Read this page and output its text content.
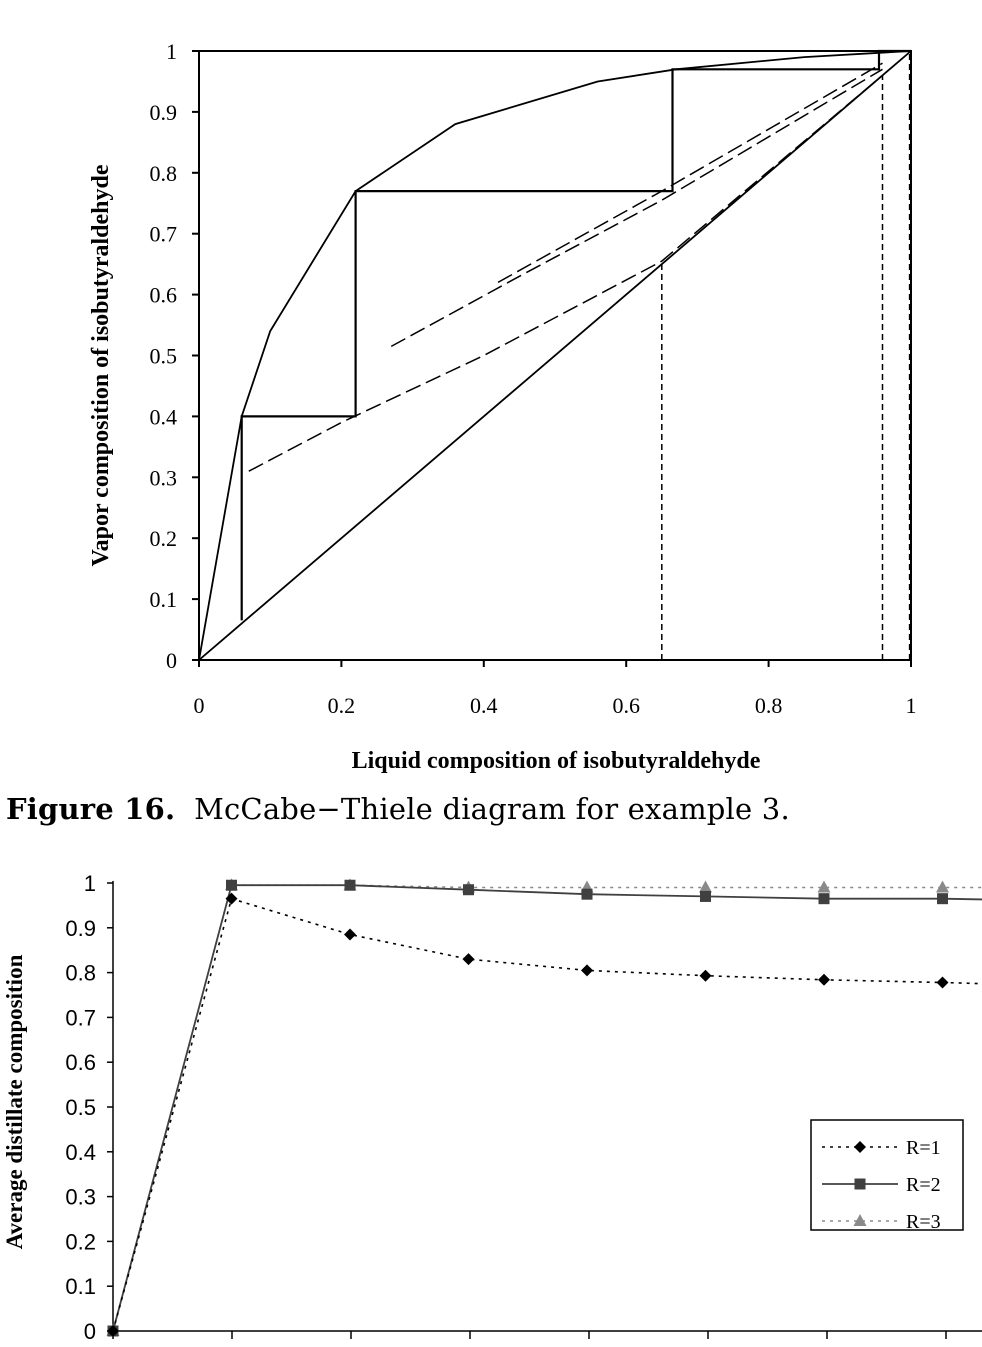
0
0.1
0.2
0.3
0.4
0.5
0.6
0.7
0.8
0.9
1
0	0.2	0.4	0.6	0.8	1
Liquid composition of isobutyraldehyde
Vapor composition of isobutyraldehyde
0
0.1
0.2
0.3
0.4
0.5
0.6
0.7
0.8
0.9
1
Average distillate composition	R=1
R=2
R=3
Figure 16. McCabe−Thiele diagram for example 3.
